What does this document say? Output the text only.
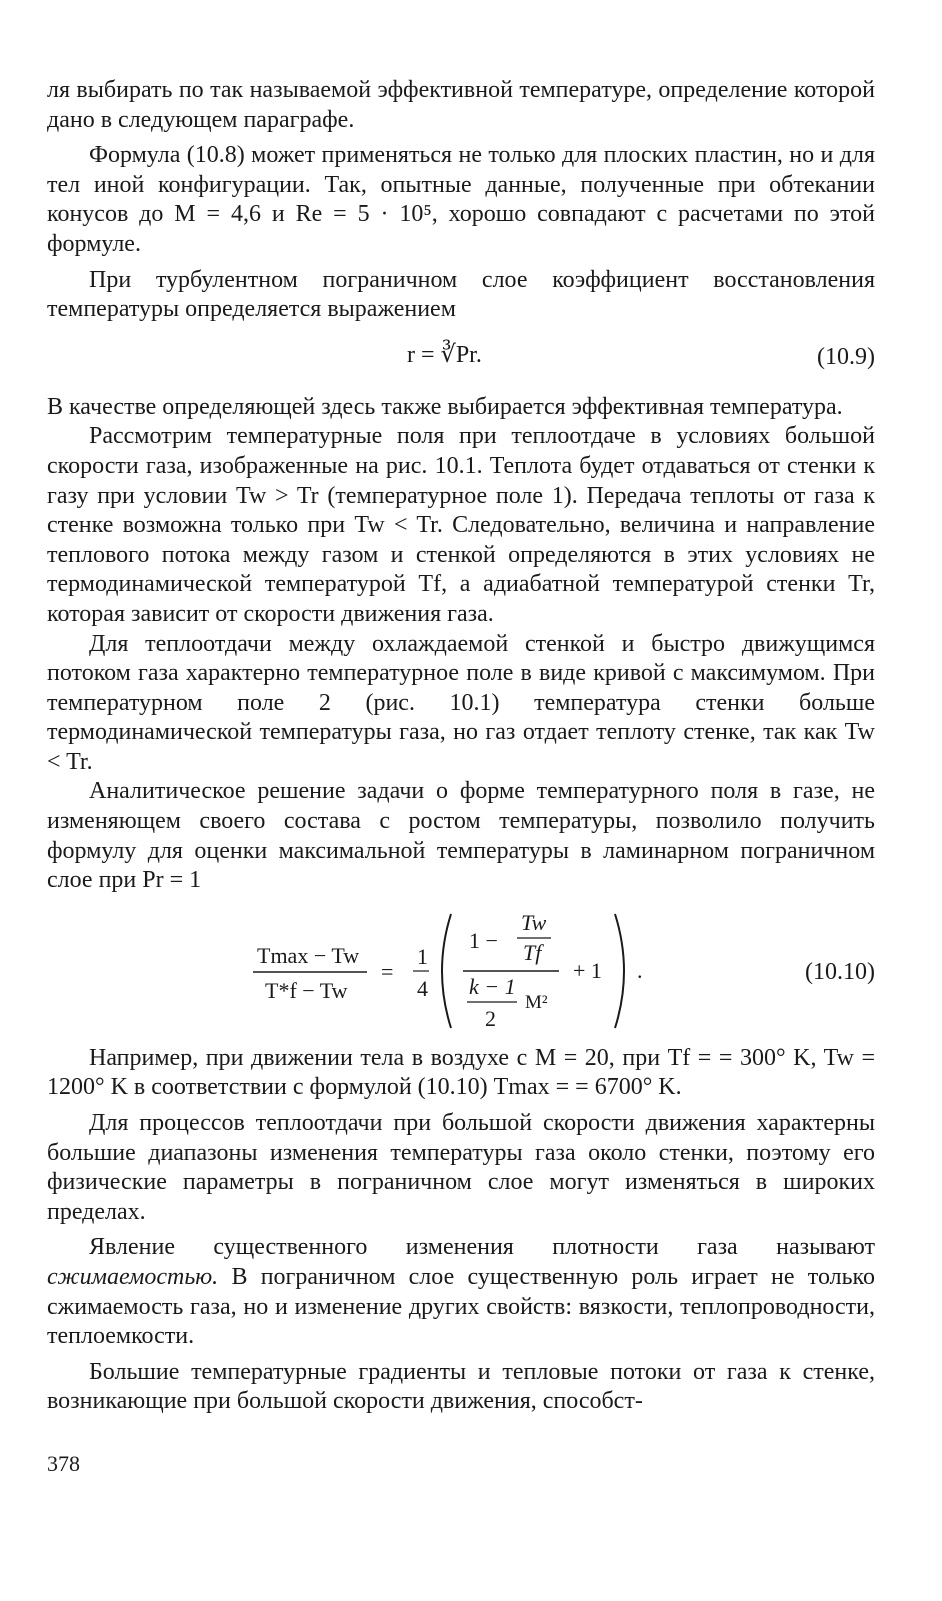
ля выбирать по так называемой эффективной температуре, определение которой дано в следующем параграфе.

Формула (10.8) может применяться не только для плоских пластин, но и для тел иной конфигурации. Так, опытные данные, полученные при обтекании конусов до M = 4,6 и Re = 5 · 10⁵, хорошо совпадают с расчетами по этой формуле.

При турбулентном пограничном слое коэффициент восстановления температуры определяется выражением

r = ∛Pr.	(10.9)

В качестве определяющей здесь также выбирается эффективная температура.

Рассмотрим температурные поля при теплоотдаче в условиях большой скорости газа, изображенные на рис. 10.1. Теплота будет отдаваться от стенки к газу при условии Tw > Tr (температурное поле 1). Передача теплоты от газа к стенке возможна только при Tw < Tr. Следовательно, величина и направление теплового потока между газом и стенкой определяются в этих условиях не термодинамической температурой Tf, а адиабатной температурой стенки Tr, которая зависит от скорости движения газа.

Для теплоотдачи между охлаждаемой стенкой и быстро движущимся потоком газа характерно температурное поле в виде кривой с максимумом. При температурном поле 2 (рис. 10.1) температура стенки больше термодинамической температуры газа, но газ отдает теплоту стенке, так как Tw < Tr.

Аналитическое решение задачи о форме температурного поля в газе, не изменяющем своего состава с ростом температуры, позволило получить формулу для оценки максимальной температуры в ламинарном пограничном слое при Pr = 1

Tmax − Tw
T*f − Tw
=
1
4
1 −
Tw
Tf
k − 1
2
M²
+ 1 .	(10.10)

Например, при движении тела в воздухе с M = 20, при Tf = = 300° K, Tw = 1200° K в соответствии с формулой (10.10) Tmax = = 6700° K.

Для процессов теплоотдачи при большой скорости движения характерны большие диапазоны изменения температуры газа около стенки, поэтому его физические параметры в пограничном слое могут изменяться в широких пределах.

Явление существенного изменения плотности газа называют сжимаемостью. В пограничном слое существенную роль играет не только сжимаемость газа, но и изменение других свойств: вязкости, теплопроводности, теплоемкости.

Большие температурные градиенты и тепловые потоки от газа к стенке, возникающие при большой скорости движения, способст-

378
